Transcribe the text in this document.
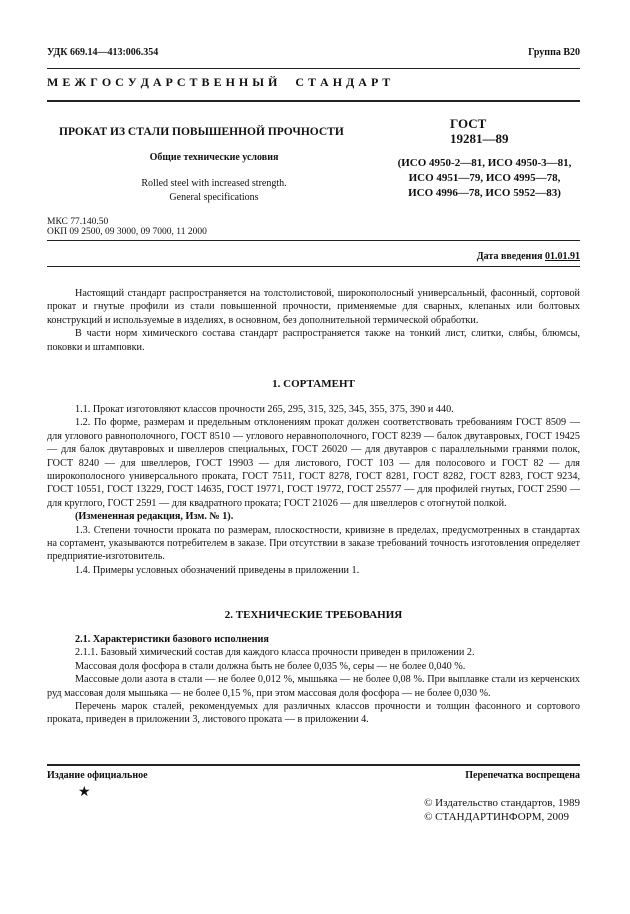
УДК 669.14—413:006.354	Группа В20
М Е Ж Г О С У Д А Р С Т В Е Н Н Ы Й     С Т А Н Д А Р Т
ПРОКАТ ИЗ СТАЛИ ПОВЫШЕННОЙ ПРОЧНОСТИ
ГОСТ
19281—89
Общие технические условия
Rolled steel with increased strength.
General specifications
(ИСО 4950-2—81, ИСО 4950-3—81,
ИСО 4951—79, ИСО 4995—78,
ИСО 4996—78, ИСО 5952—83)
МКС 77.140.50
ОКП 09 2500, 09 3000, 09 7000, 11 2000
Дата введения 01.01.91

Настоящий стандарт распространяется на толстолистовой, широкополосный универсальный, фасонный, сортовой прокат и гнутые профили из стали повышенной прочности, применяемые для сварных, клепаных или болтовых конструкций и используемые в изделиях, в основном, без дополнительной термической обработки.

В части норм химического состава стандарт распространяется также на тонкий лист, слитки, слябы, блюмсы, поковки и штамповки.

1. СОРТАМЕНТ

1.1. Прокат изготовляют классов прочности 265, 295, 315, 325, 345, 355, 375, 390 и 440.

1.2. По форме, размерам и предельным отклонениям прокат должен соответствовать требованиям ГОСТ 8509 — для углового равнополочного, ГОСТ 8510 — углового неравнополочного, ГОСТ 8239 — балок двутавровых, ГОСТ 19425 — для балок двутавровых и швеллеров специальных, ГОСТ 26020 — для двутавров с параллельными гранями полок, ГОСТ 8240 — для швеллеров, ГОСТ 19903 — для листового, ГОСТ 103 — для полосового и ГОСТ 82 — для широкополосного универсального проката, ГОСТ 7511, ГОСТ 8278, ГОСТ 8281, ГОСТ 8282, ГОСТ 8283, ГОСТ 9234, ГОСТ 10551, ГОСТ 13229, ГОСТ 14635, ГОСТ 19771, ГОСТ 19772, ГОСТ 25577 — для профилей гнутых, ГОСТ 2590 — для круглого, ГОСТ 2591 — для квадратного проката; ГОСТ 21026 — для швеллеров с отогнутой полкой.

(Измененная редакция, Изм. № 1).

1.3. Степени точности проката по размерам, плоскостности, кривизне в пределах, предусмотренных в стандартах на сортамент, указываются потребителем в заказе. При отсутствии в заказе требований точность изготовления определяет предприятие-изготовитель.

1.4. Примеры условных обозначений приведены в приложении 1.

2. ТЕХНИЧЕСКИЕ ТРЕБОВАНИЯ

2.1. Характеристики базового исполнения

2.1.1. Базовый химический состав для каждого класса прочности приведен в приложении 2.

Массовая доля фосфора в стали должна быть не более 0,035 %, серы — не более 0,040 %.

Массовые доли азота в стали — не более 0,012 %, мышьяка — не более 0,08 %. При выплавке стали из керченских руд массовая доля мышьяка — не более 0,15 %, при этом массовая доля фосфора — не более 0,030 %.

Перечень марок сталей, рекомендуемых для различных классов прочности и толщин фасонного и сортового проката, приведен в приложении 3, листового проката — в приложении 4.

Издание официальное	Перепечатка воспрещена
★
© Издательство стандартов, 1989
© СТАНДАРТИНФОРМ, 2009
